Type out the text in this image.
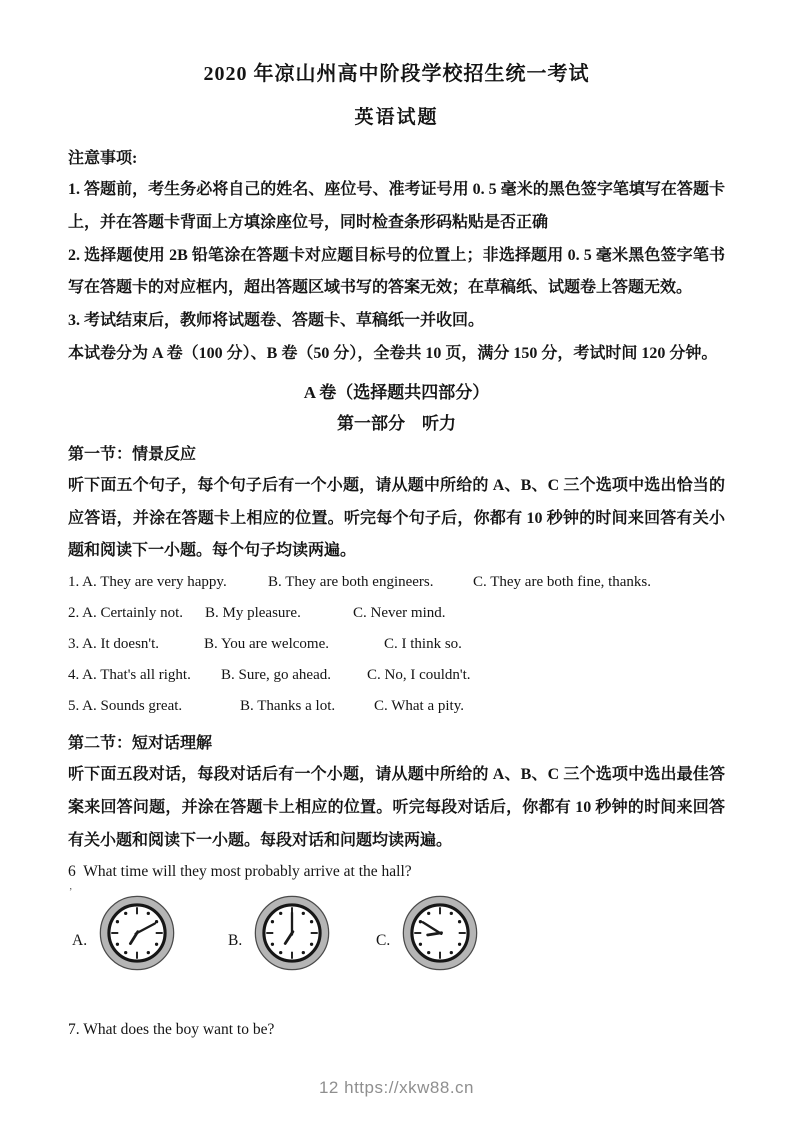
2020 年凉山州高中阶段学校招生统一考试
英语试题
注意事项:
1. 答题前，考生务必将自己的姓名、座位号、准考证号用 0. 5 毫米的黑色签字笔填写在答题卡上，并在答题卡背面上方填涂座位号，同时检查条形码粘贴是否正确
2. 选择题使用 2B 铅笔涂在答题卡对应题目标号的位置上；非选择题用 0. 5 毫米黑色签字笔书写在答题卡的对应框内，超出答题区域书写的答案无效；在草稿纸、试题卷上答题无效。
3. 考试结束后，教师将试题卷、答题卡、草稿纸一并收回。
本试卷分为 A 卷（100 分）、B 卷（50 分），全卷共 10 页，满分 150 分，考试时间 120 分钟。
A 卷（选择题共四部分）
第一部分　听力
第一节：情景反应
听下面五个句子，每个句子后有一个小题，请从题中所给的 A、B、C 三个选项中选出恰当的应答语，并涂在答题卡上相应的位置。听完每个句子后，你都有 10 秒钟的时间来回答有关小题和阅读下一小题。每个句子均读两遍。
1. A. They are very happy.	B. They are both engineers.	C. They are both fine, thanks.
2. A. Certainly not.	B. My pleasure.	C. Never mind.
3. A. It doesn't.	B. You are welcome.	C. I think so.
4. A. That's all right.	B. Sure, go ahead.	C. No, I couldn't.
5. A. Sounds great.	B. Thanks a lot.	C. What a pity.
第二节：短对话理解
听下面五段对话，每段对话后有一个小题，请从题中所给的 A、B、C 三个选项中选出最佳答案来回答问题，并涂在答题卡上相应的位置。听完每段对话后，你都有 10 秒钟的时间来回答有关小题和阅读下一小题。每段对话和问题均读两遍。
6  What time will they most probably arrive at the hall?
’
A.	B.	C.
7. What does the boy want to be?
12 https://xkw88.cn
